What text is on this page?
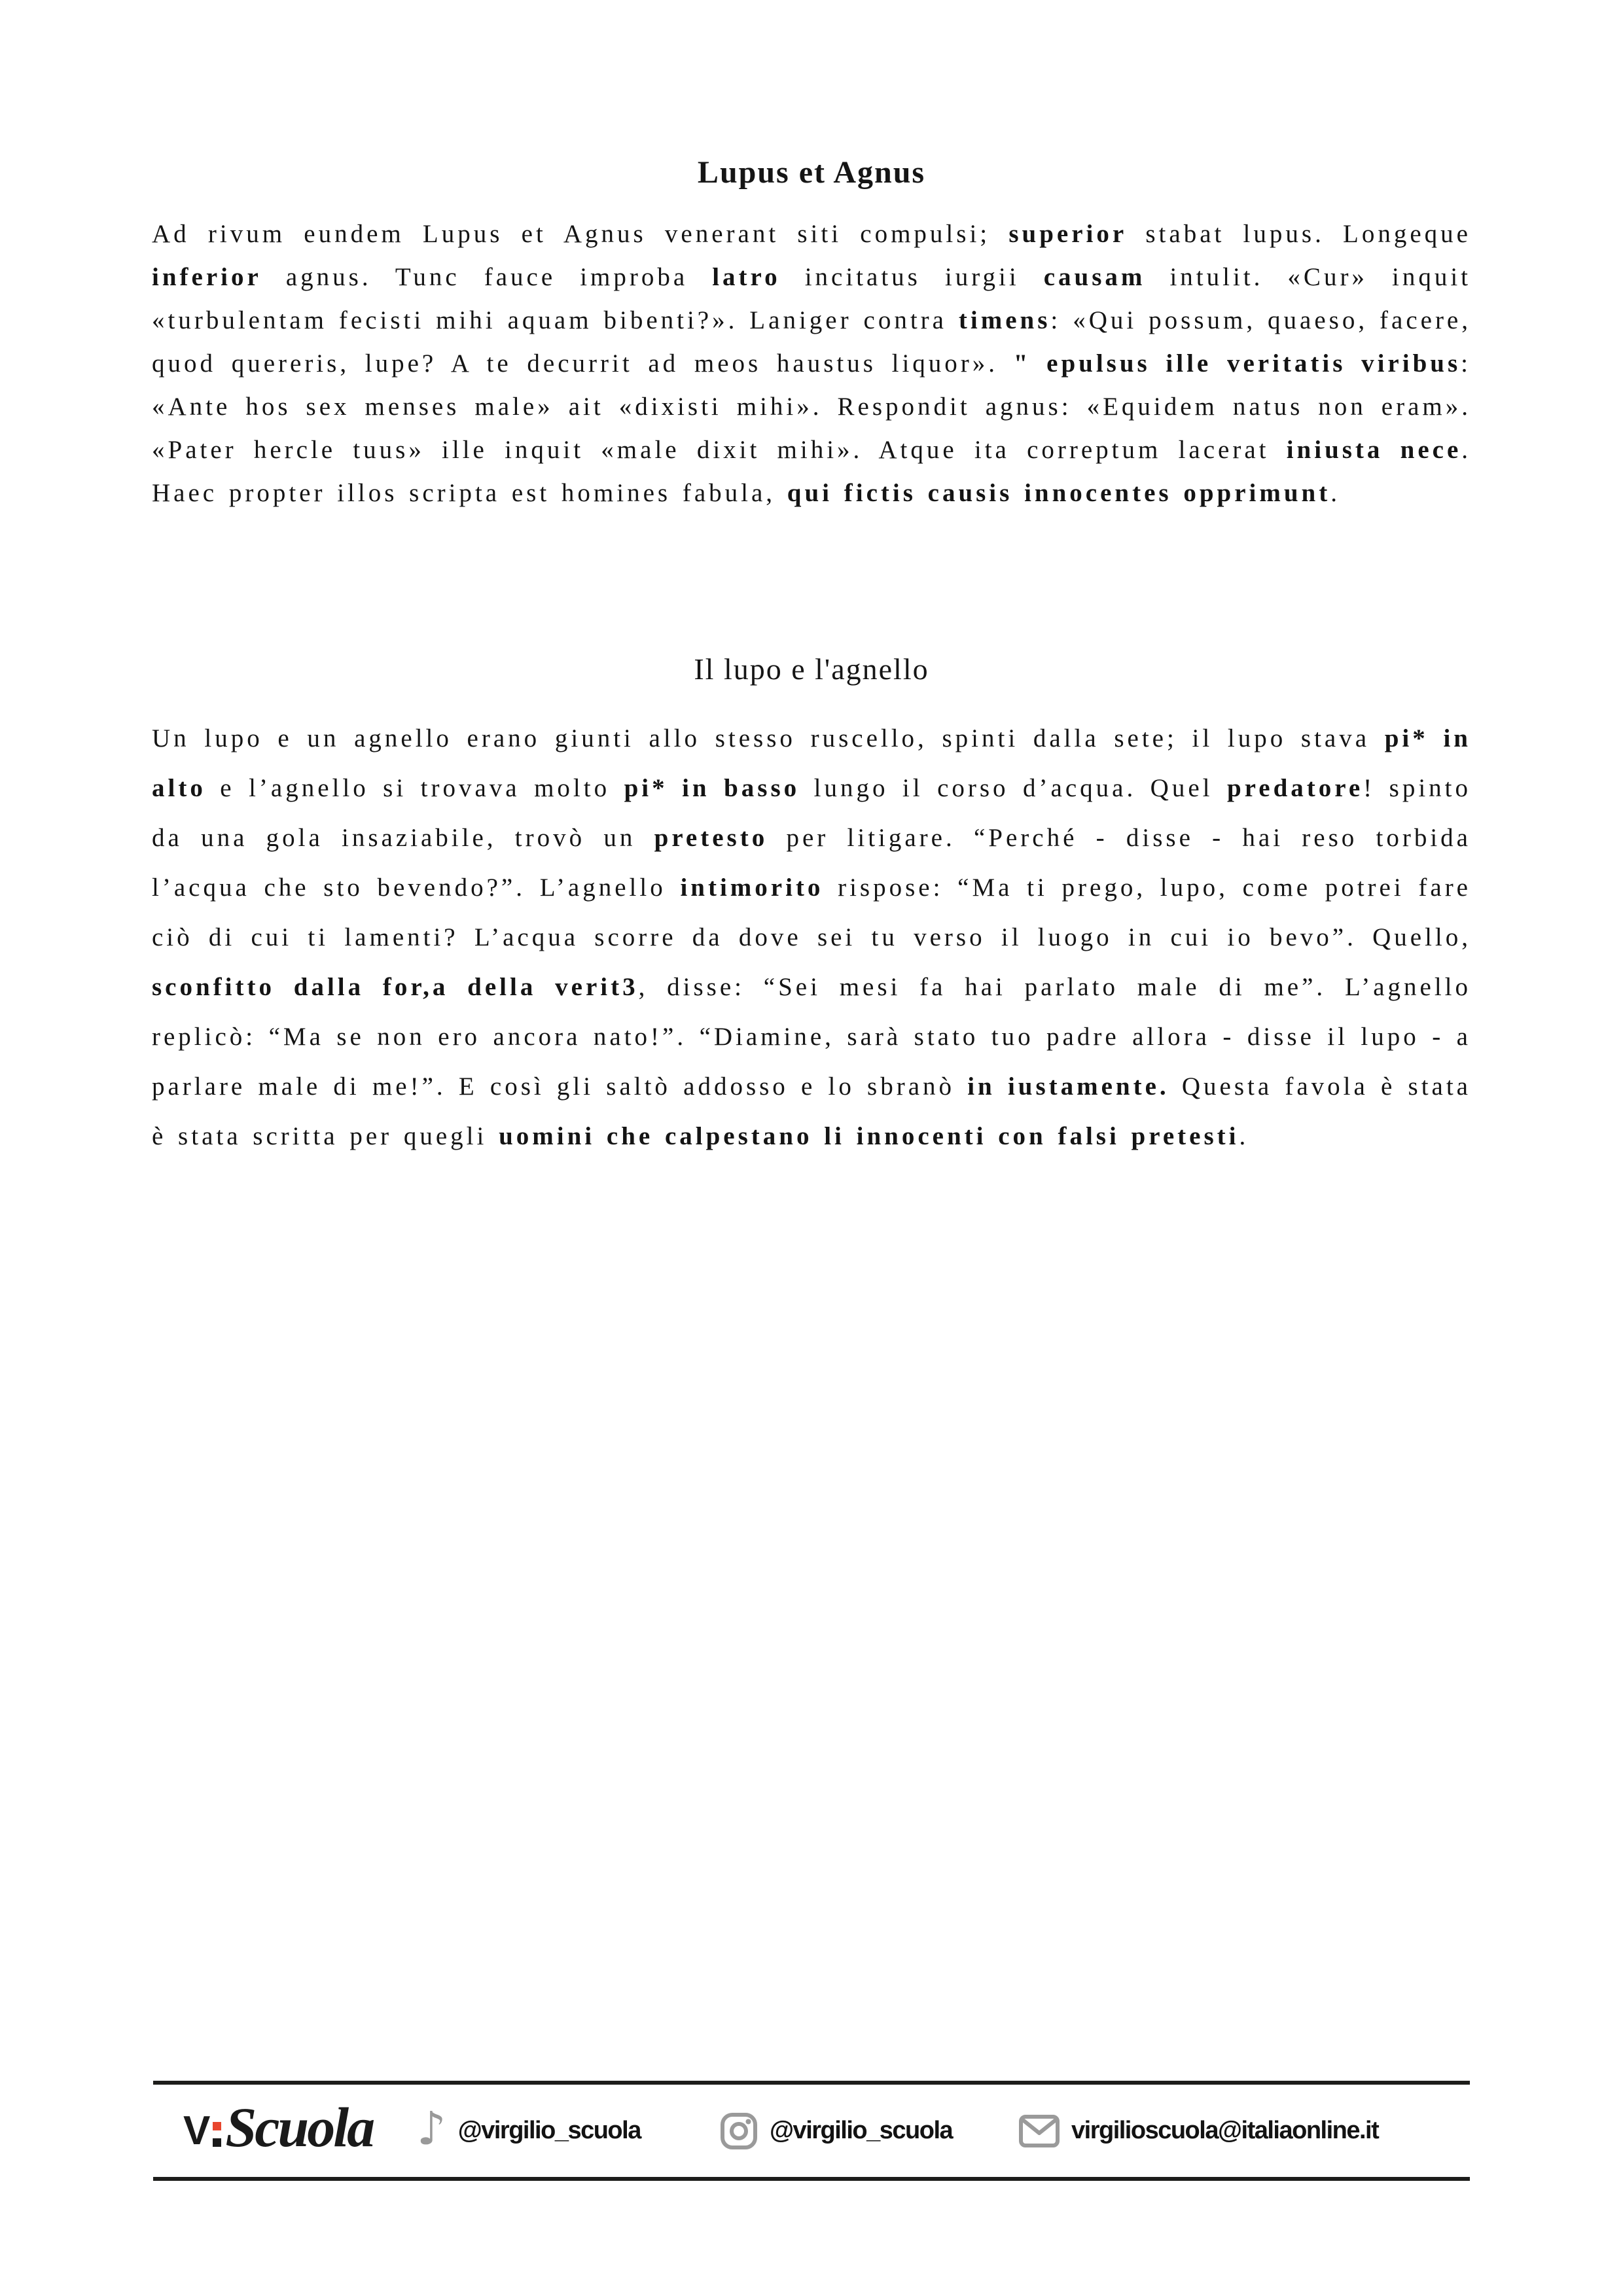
Lupus et Agnus

Ad rivum eundem Lupus et Agnus venerant siti compulsi; superior stabat lupus. Longeque inferior agnus. Tunc fauce improba latro incitatus iurgii causam intulit. «Cur» inquit «turbulentam fecisti mihi aquam bibenti?». Laniger contra timens: «Qui possum, quaeso, facere, quod quereris, lupe? A te decurrit ad meos haustus liquor». " epulsus ille veritatis viribus: «Ante hos sex menses male» ait «dixisti mihi». Respondit agnus: «Equidem natus non eram». «Pater hercle tuus» ille inquit «male dixit mihi». Atque ita correptum lacerat iniusta nece. Haec propter illos scripta est homines fabula, qui fictis causis innocentes opprimunt.

Il lupo e l'agnello

Un lupo e un agnello erano giunti allo stesso ruscello, spinti dalla sete; il lupo stava pi* in alto e l’agnello si trovava molto pi* in basso lungo il corso d’acqua. Quel predatore! spinto da una gola insaziabile, trovò un pretesto per litigare. “Perché - disse - hai reso torbida l’acqua che sto bevendo?”. L’agnello intimorito rispose: “Ma ti prego, lupo, come potrei fare ciò di cui ti lamenti? L’acqua scorre da dove sei tu verso il luogo in cui io bevo”. Quello, sconfitto dalla for,a della verit3, disse: “Sei mesi fa hai parlato male di me”. L’agnello replicò: “Ma se non ero ancora nato!”. “Diamine, sarà stato tuo padre allora - disse il lupo - a parlare male di me!”. E così gli saltò addosso e lo sbranò in iustamente. Questa favola è stata è stata scritta per quegli uomini che calpestano li innocenti con falsi pretesti.

V Scuola ♪ @virgilio_scuola	@virgilio_scuola	virgilioscuola@italiaonline.it
